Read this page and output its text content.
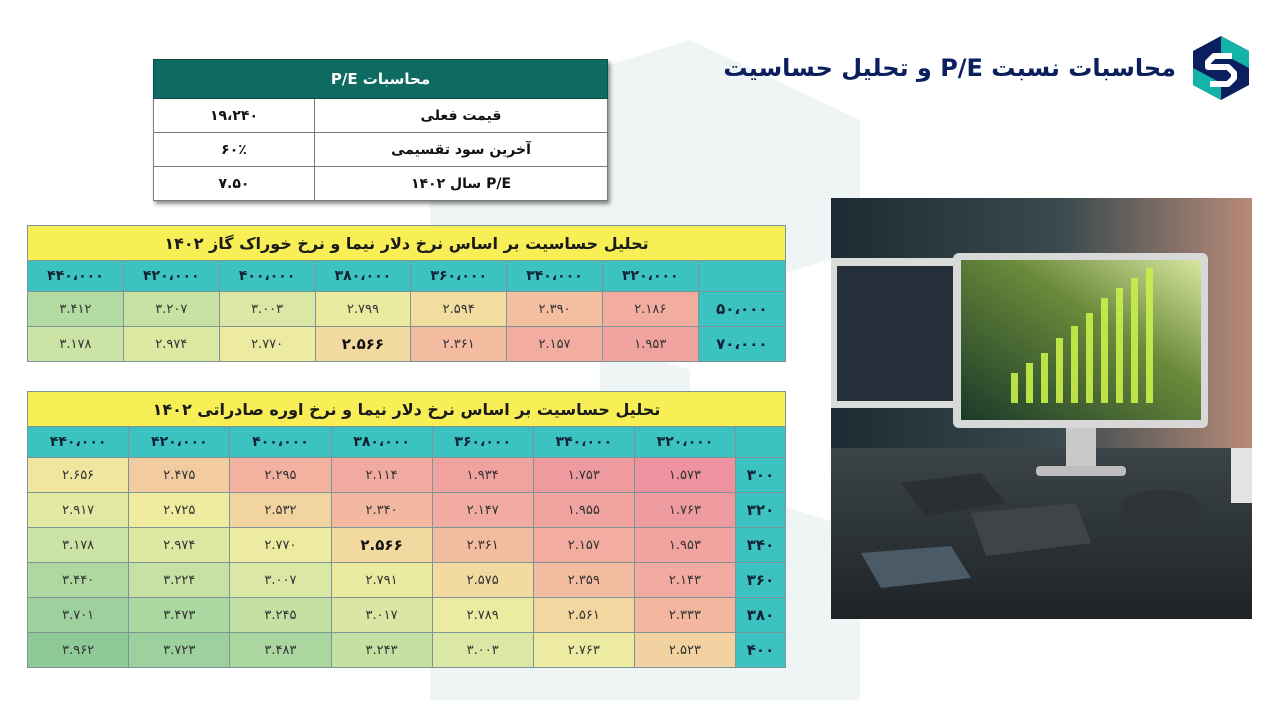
محاسبات نسبت P/E و تحلیل حساسیت
محاسبات P/E	
قیمت فعلی	۱۹،۲۴۰
آخرین سود تقسیمی	۶۰٪
P/E سال ۱۴۰۲	۷.۵۰
تحلیل حساسیت بر اساس نرخ دلار نیما و نرخ خوراک گاز ۱۴۰۲							
	۳۲۰،۰۰۰	۳۴۰،۰۰۰	۳۶۰،۰۰۰	۳۸۰،۰۰۰	۴۰۰،۰۰۰	۴۲۰،۰۰۰	۴۴۰،۰۰۰
۵۰،۰۰۰	۲.۱۸۶	۲.۳۹۰	۲.۵۹۴	۲.۷۹۹	۳.۰۰۳	۳.۲۰۷	۳.۴۱۲
۷۰،۰۰۰	۱.۹۵۳	۲.۱۵۷	۲.۳۶۱	۲.۵۶۶	۲.۷۷۰	۲.۹۷۴	۳.۱۷۸
تحلیل حساسیت بر اساس نرخ دلار نیما و نرخ اوره صادراتی ۱۴۰۲							
	۳۲۰،۰۰۰	۳۴۰،۰۰۰	۳۶۰،۰۰۰	۳۸۰،۰۰۰	۴۰۰،۰۰۰	۴۲۰،۰۰۰	۴۴۰،۰۰۰
۳۰۰	۱.۵۷۳	۱.۷۵۳	۱.۹۳۴	۲.۱۱۴	۲.۲۹۵	۲.۴۷۵	۲.۶۵۶
۳۲۰	۱.۷۶۳	۱.۹۵۵	۲.۱۴۷	۲.۳۴۰	۲.۵۳۲	۲.۷۲۵	۲.۹۱۷
۳۴۰	۱.۹۵۳	۲.۱۵۷	۲.۳۶۱	۲.۵۶۶	۲.۷۷۰	۲.۹۷۴	۳.۱۷۸
۳۶۰	۲.۱۴۳	۲.۳۵۹	۲.۵۷۵	۲.۷۹۱	۳.۰۰۷	۳.۲۲۴	۳.۴۴۰
۳۸۰	۲.۳۳۳	۲.۵۶۱	۲.۷۸۹	۳.۰۱۷	۳.۲۴۵	۳.۴۷۳	۳.۷۰۱
۴۰۰	۲.۵۲۳	۲.۷۶۳	۳.۰۰۳	۳.۲۴۳	۳.۴۸۳	۳.۷۲۳	۳.۹۶۲
